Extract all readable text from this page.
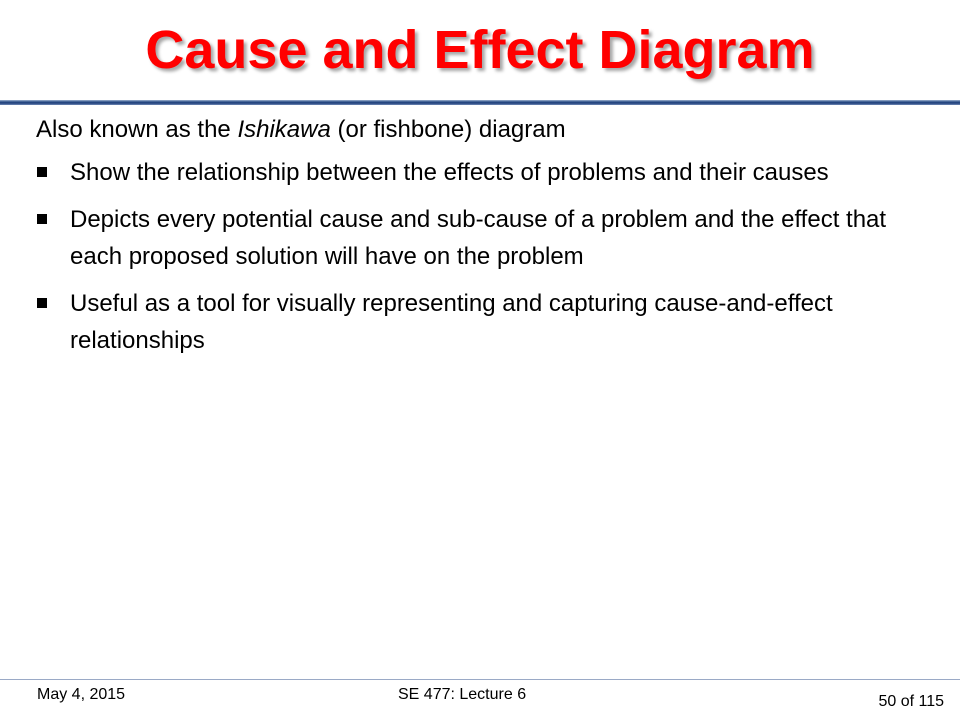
Cause and Effect Diagram
Also known as the Ishikawa (or fishbone) diagram
Show the relationship between the effects of problems and their causes
Depicts every potential cause and sub-cause of a problem and the effect that each proposed solution will have on the problem
Useful as a tool for visually representing and capturing cause-and-effect relationships
May 4, 2015	SE 477: Lecture 6	50 of 115
